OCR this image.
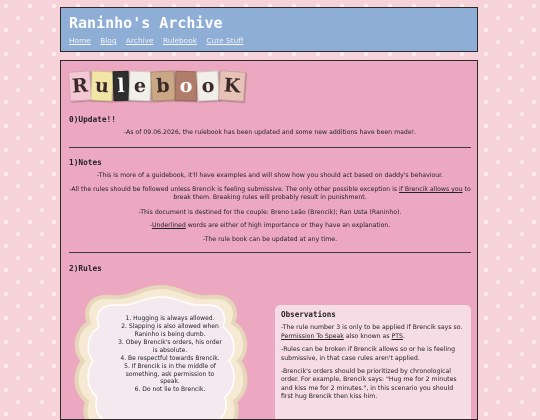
Raninho's Archive
Home Blog Archive Rulebook Cute Stuff
R u l e b o o K
0)Update!!
-As of 09.06.2026, the rulebook has been updated and some new additions have been made!.
1)Notes
-This is more of a guidebook, it'll have examples and will show how you should act based on daddy's behaviour.
-All the rules should be followed unless Brencik is feeling submissive. The only other possible exception is if Brencik allows you to break them. Breaking rules will probably result in punishment.
-This document is destined for the couple: Breno Leão (Brencik); Ran Usta (Raninho).
-Underlined words are either of high importance or they have an explanation.
-The rule book can be updated at any time.
2)Rules
1. Hugging is always allowed.
2. Slapping is also allowed when Raninho is being dumb.
3. Obey Brencik's orders, his order is absolute.
4. Be respectful towards Brencik.
5. If Brencik is in the middle of something, ask permission to speak.
6. Do not lie to Brencik.
Observations

-The rule number 3 is only to be applied if Brencik says so. Permission To Speak also known as PTS.

-Rules can be broken if Brencik allows so or he is feeling submissive, in that case rules aren't applied.

-Brencik's orders should be prioritized by chronological order. For example, Brencik says: "Hug me for 2 minutes and kiss me for 2 minutes.", in this scenario you should first hug Brencik then kiss him.
